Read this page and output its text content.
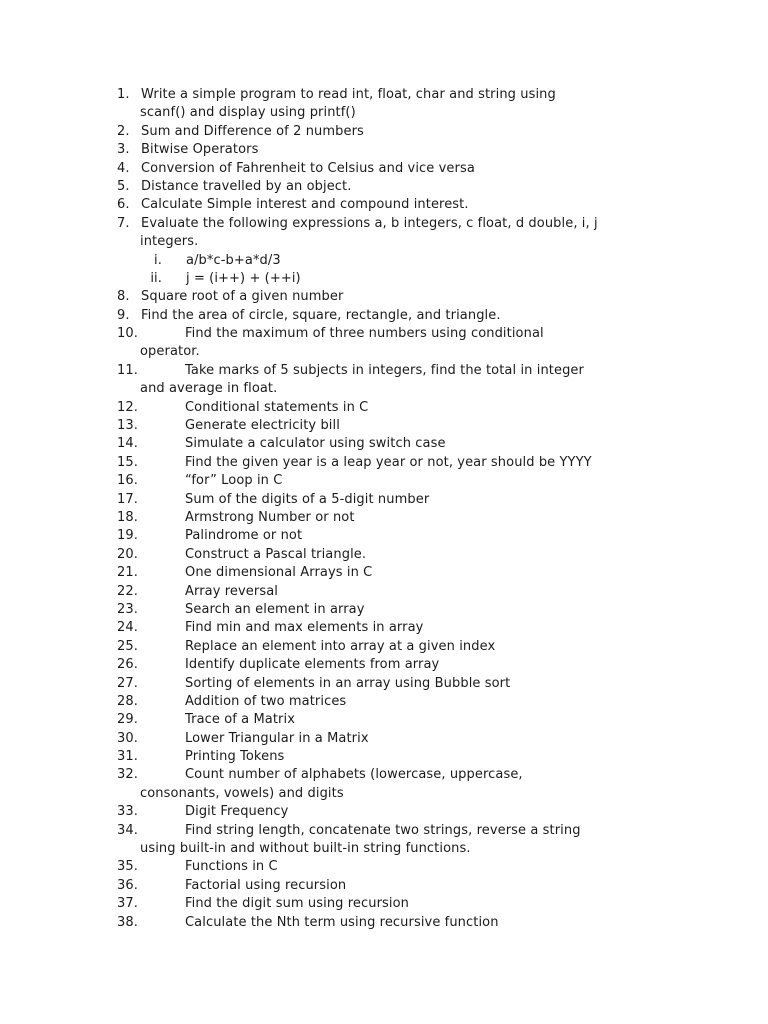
1. Write a simple program to read int, float, char and string using
scanf() and display using printf()
2. Sum and Difference of 2 numbers
3. Bitwise Operators
4. Conversion of Fahrenheit to Celsius and vice versa
5. Distance travelled by an object.
6. Calculate Simple interest and compound interest.
7. Evaluate the following expressions a, b integers, c float, d double, i, j
integers.
i. a/b*c-b+a*d/3
ii. j = (i++) + (++i)
8. Square root of a given number
9. Find the area of circle, square, rectangle, and triangle.
10.	Find the maximum of three numbers using conditional
operator.
11.	Take marks of 5 subjects in integers, find the total in integer
and average in float.
12.	Conditional statements in C
13.	Generate electricity bill
14.	Simulate a calculator using switch case
15.	Find the given year is a leap year or not, year should be YYYY
16.	“for” Loop in C
17.	Sum of the digits of a 5-digit number
18.	Armstrong Number or not
19.	Palindrome or not
20.	Construct a Pascal triangle.
21.	One dimensional Arrays in C
22.	Array reversal
23.	Search an element in array
24.	Find min and max elements in array
25.	Replace an element into array at a given index
26.	Identify duplicate elements from array
27.	Sorting of elements in an array using Bubble sort
28.	Addition of two matrices
29.	Trace of a Matrix
30.	Lower Triangular in a Matrix
31.	Printing Tokens
32.	Count number of alphabets (lowercase, uppercase,
consonants, vowels) and digits
33.	Digit Frequency
34.	Find string length, concatenate two strings, reverse a string
using built-in and without built-in string functions.
35.	Functions in C
36.	Factorial using recursion
37.	Find the digit sum using recursion
38.	Calculate the Nth term using recursive function
